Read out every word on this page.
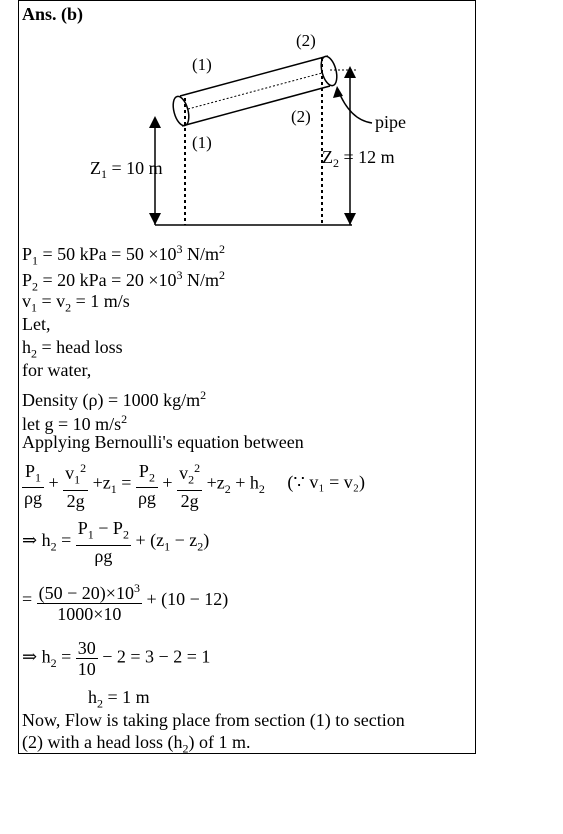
Ans. (b)
(1)
(2)
(1)
(2)	pipe
$Z_1 = 10$ m
$Z_2 = 12$ m
$P_1 = 50$ kPa = $50 \times 10^3$ $N/m^2$
$P_2 = 20$ kPa = $20 \times 10^3$ $N/m^2$
$v_1 = v_2 = 1$ m/s
Let,
$h_2$ = head loss
for water,
Density (ρ) = 1000 $kg/m^2$
let g = 10 $m/s^2$
Applying Bernoulli's equation between
$\frac{P_1}{\rho g} + \frac{v_1^2}{2g} +z_1 = \frac{P_2}{\rho g} + \frac{v_2^2}{2g} +z_2 + h_2$ (∵ v₁ = v₂)
⇒ $h_2 = \frac{P_1 - P_2}{\rho g} + (z_1 - z_2)$
= $\frac{(50 - 20)\times 10^3}{1000\times 10} + (10 - 12)$
⇒ $h_2 = \frac{30}{10} - 2 = 3 - 2 = 1$
$h_2 = 1$ m
Now, Flow is taking place from section (1) to section
(2) with a head loss $(h_2)$ of 1 m.
